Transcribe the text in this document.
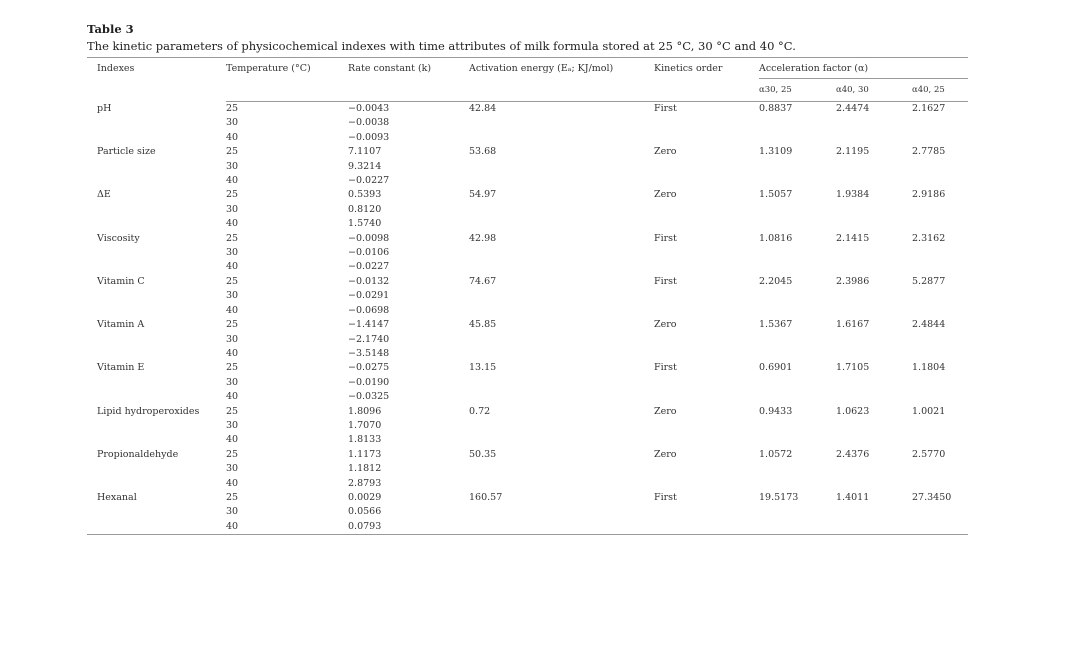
Table 3

The kinetic parameters of physicochemical indexes with time attributes of milk formula stored at 25 °C, 30 °C and 40 °C.

Indexes	Temperature (°C)	Rate constant (k)	Activation energy (Eₐ; KJ/mol)	Kinetics order	Acceleration factor (α)		
					α30, 25	α40, 30	α40, 25
pH	25	−0.0043	42.84	First	0.8837	2.4474	2.1627
	30	−0.0038					
	40	−0.0093					
Particle size	25	7.1107	53.68	Zero	1.3109	2.1195	2.7785
	30	9.3214					
	40	−0.0227					
ΔE	25	0.5393	54.97	Zero	1.5057	1.9384	2.9186
	30	0.8120					
	40	1.5740					
Viscosity	25	−0.0098	42.98	First	1.0816	2.1415	2.3162
	30	−0.0106					
	40	−0.0227					
Vitamin C	25	−0.0132	74.67	First	2.2045	2.3986	5.2877
	30	−0.0291					
	40	−0.0698					
Vitamin A	25	−1.4147	45.85	Zero	1.5367	1.6167	2.4844
	30	−2.1740					
	40	−3.5148					
Vitamin E	25	−0.0275	13.15	First	0.6901	1.7105	1.1804
	30	−0.0190					
	40	−0.0325					
Lipid hydroperoxides	25	1.8096	0.72	Zero	0.9433	1.0623	1.0021
	30	1.7070					
	40	1.8133					
Propionaldehyde	25	1.1173	50.35	Zero	1.0572	2.4376	2.5770
	30	1.1812					
	40	2.8793					
Hexanal	25	0.0029	160.57	First	19.5173	1.4011	27.3450
	30	0.0566					
	40	0.0793					
